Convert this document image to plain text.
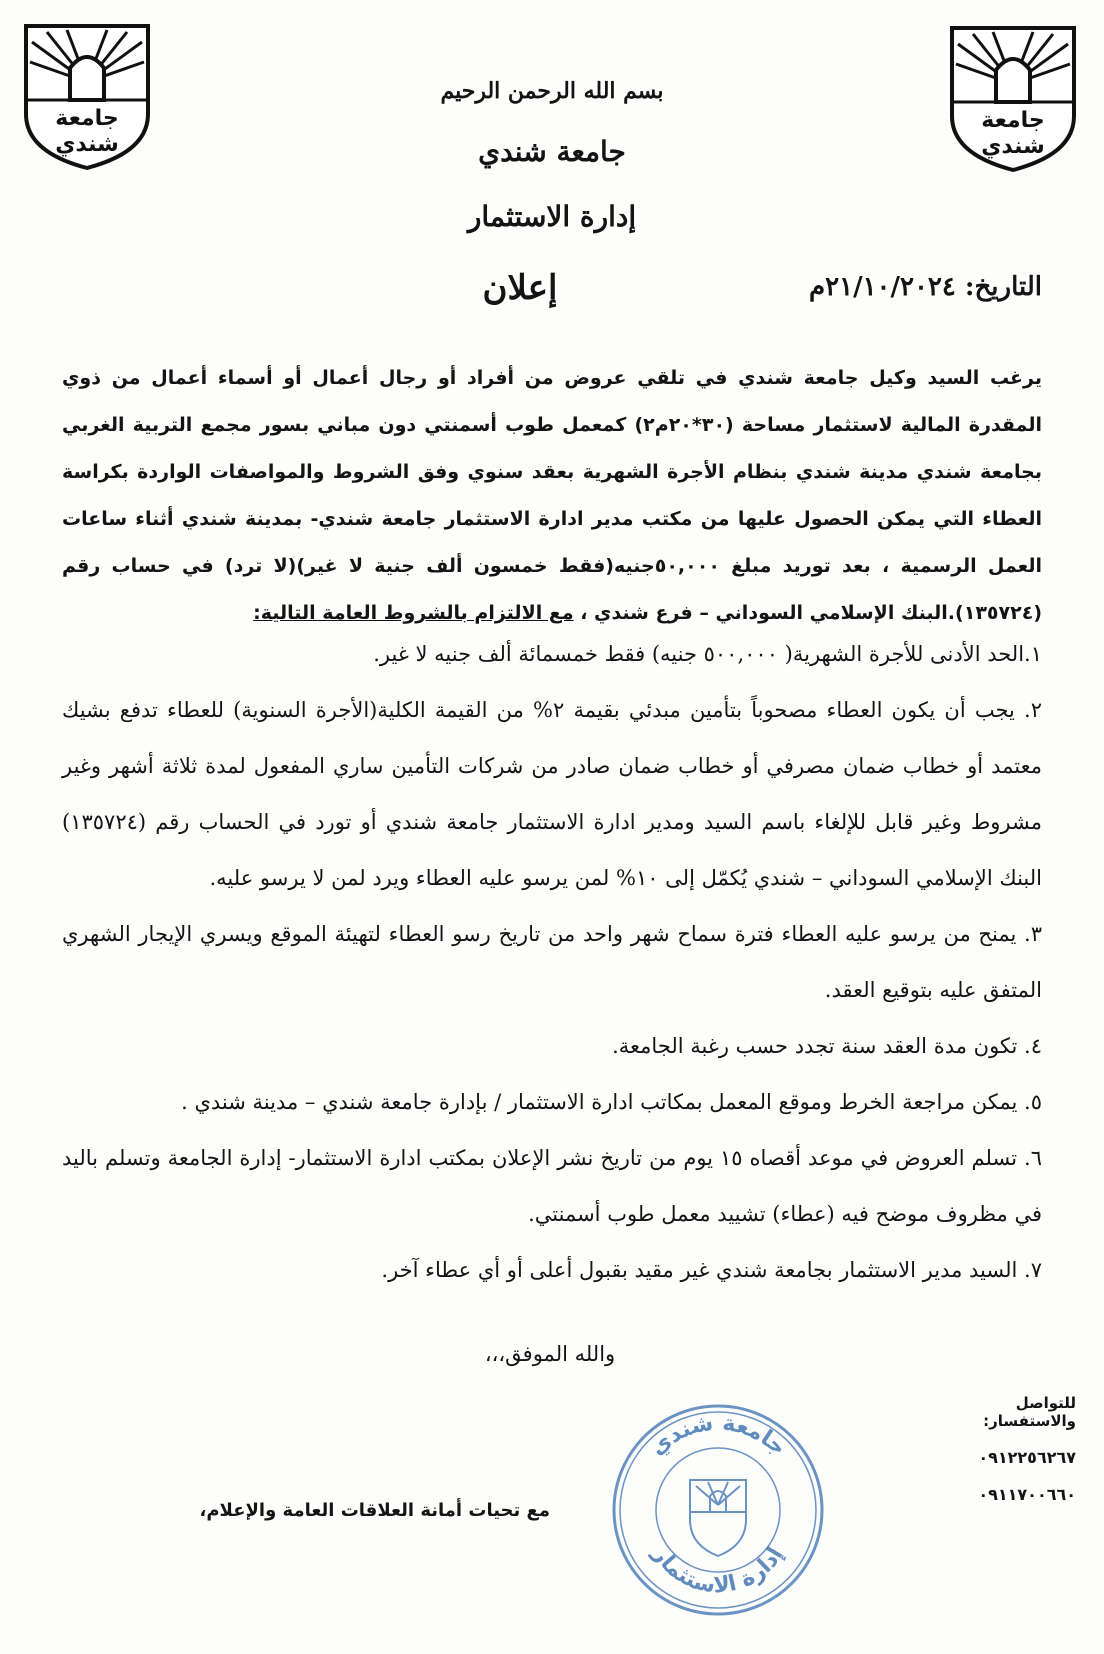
جامعة شندي
جامعة شندي
بسم الله الرحمن الرحيم
جامعة شندي
إدارة الاستثمار
التاريخ: ٢١/١٠/٢٠٢٤م
إعلان

يرغب السيد وكيل جامعة شندي في تلقي عروض من أفراد أو رجال أعمال أو أسماء أعمال من ذوي المقدرة المالية لاستثمار مساحة (٣٠*٢٠م٢) كمعمل طوب أسمنتي دون مباني بسور مجمع التربية الغربي بجامعة شندي مدينة شندي بنظام الأجرة الشهرية بعقد سنوي وفق الشروط والمواصفات الواردة بكراسة العطاء التي يمكن الحصول عليها من مكتب مدير ادارة الاستثمار جامعة شندي- بمدينة شندي أثناء ساعات العمل الرسمية ، بعد توريد مبلغ ٥٠,٠٠٠جنيه(فقط خمسون ألف جنية لا غير)(لا ترد) في حساب رقم (١٣٥٧٢٤).البنك الإسلامي السوداني – فرع شندي ، مع الالتزام بالشروط العامة التالية:

١.الحد الأدنى للأجرة الشهرية( ٥٠٠,٠٠٠ جنيه) فقط خمسمائة ألف جنيه لا غير.
٢. يجب أن يكون العطاء مصحوباً بتأمين مبدئي بقيمة ٢% من القيمة الكلية(الأجرة السنوية) للعطاء تدفع بشيك معتمد أو خطاب ضمان مصرفي أو خطاب ضمان صادر من شركات التأمين ساري المفعول لمدة ثلاثة أشهر وغير مشروط وغير قابل للإلغاء باسم السيد ومدير ادارة الاستثمار جامعة شندي أو تورد في الحساب رقم (١٣٥٧٢٤) البنك الإسلامي السوداني – شندي يُكمّل إلى ١٠% لمن يرسو عليه العطاء ويرد لمن لا يرسو عليه.
٣. يمنح من يرسو عليه العطاء فترة سماح شهر واحد من تاريخ رسو العطاء لتهيئة الموقع ويسري الإيجار الشهري المتفق عليه بتوقيع العقد.
٤. تكون مدة العقد سنة تجدد حسب رغبة الجامعة.
٥. يمكن مراجعة الخرط وموقع المعمل بمكاتب ادارة الاستثمار / بإدارة جامعة شندي – مدينة شندي .
٦. تسلم العروض في موعد أقصاه ١٥ يوم من تاريخ نشر الإعلان بمكتب ادارة الاستثمار- إدارة الجامعة وتسلم باليد في مظروف موضح فيه (عطاء) تشييد معمل طوب أسمنتي.
٧. السيد مدير الاستثمار بجامعة شندي غير مقيد بقبول أعلى أو أي عطاء آخر.
والله الموفق،،،
للتواصل والاستفسار:
٠٩١٢٢٥٦٢٦٧
٠٩١١٧٠٠٦٦٠
مع تحيات أمانة العلاقات العامة والإعلام،
جامعة شندي
إدارة الاستثمار
